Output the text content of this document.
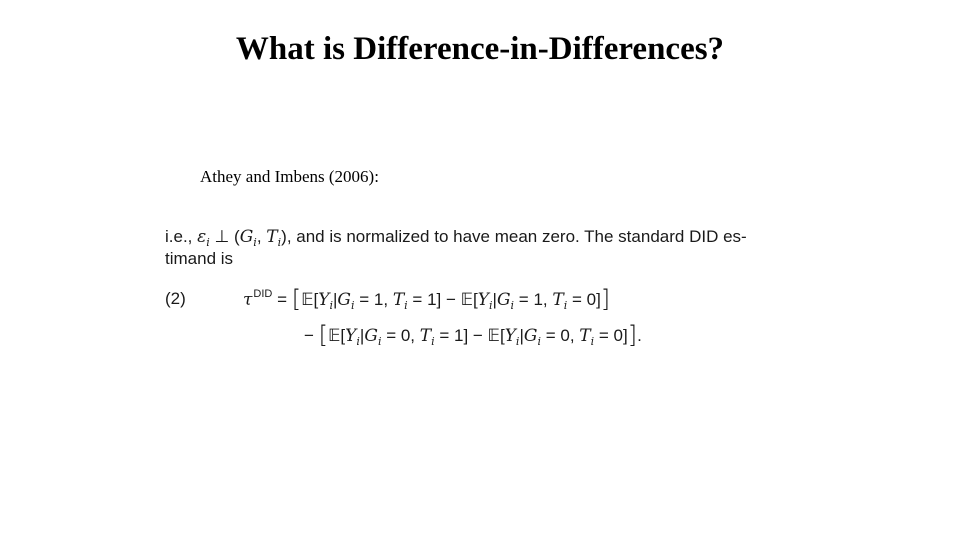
What is Difference-in-Differences?
Athey and Imbens (2006):
i.e., $\varepsilon_i$ ⊥ ($G_i$, $T_i$), and is normalized to have mean zero. The standard DID es-
timand is
(2)	$\tau^{DID}$ = [$𝔼[Y_i|G_i = 1$, $T_i = 1$] − $𝔼[Y_i|G_i = 1$, $T_i = 0$]]
− [$𝔼[Y_i|G_i = 0$, $T_i = 1$] − $𝔼[Y_i|G_i = 0$, $T_i = 0$]].
